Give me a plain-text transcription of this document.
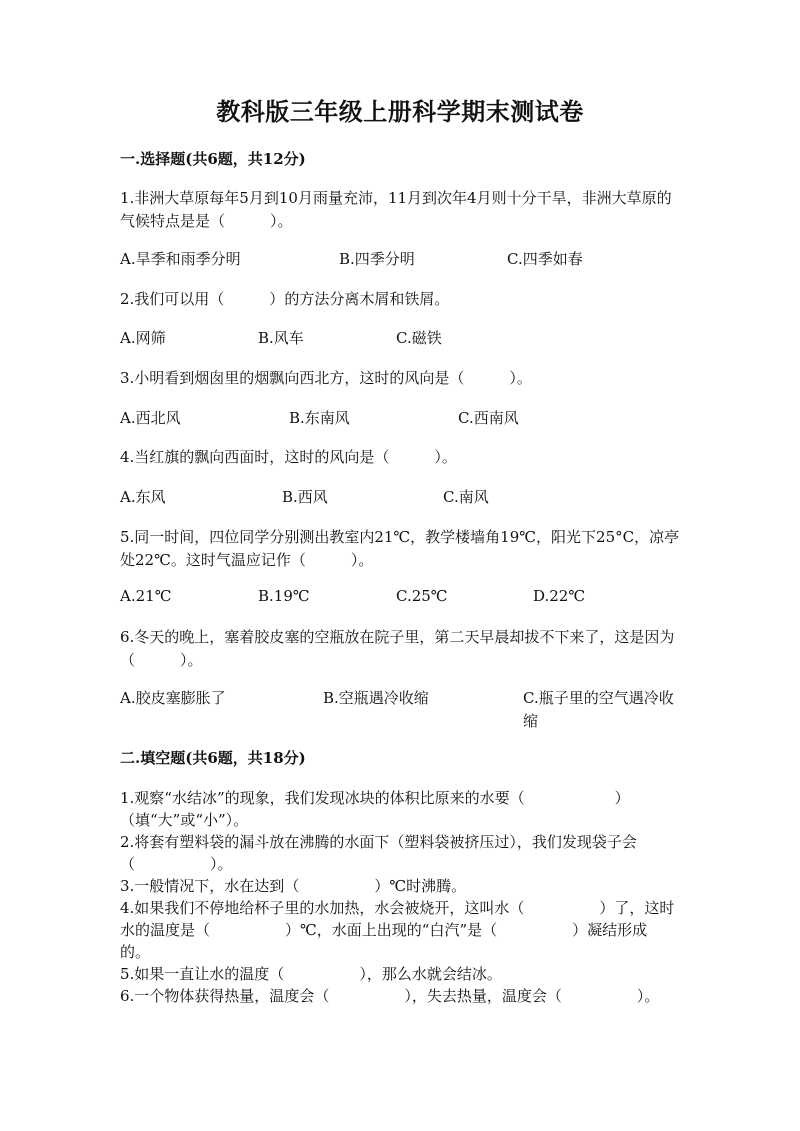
教科版三年级上册科学期末测试卷
一.选择题(共6题，共12分)
1.非洲大草原每年5月到10月雨量充沛，11月到次年4月则十分干旱，非洲大草原的气候特点是是（　　　）。
A.旱季和雨季分明	B.四季分明	C.四季如春
2.我们可以用（　　　）的方法分离木屑和铁屑。
A.网筛	B.风车	C.磁铁
3.小明看到烟囱里的烟飘向西北方，这时的风向是（　　　）。
A.西北风	B.东南风	C.西南风
4.当红旗的飘向西面时，这时的风向是（　　　）。
A.东风	B.西风	C.南风
5.同一时间，四位同学分别测出教室内21℃，教学楼墙角19℃，阳光下25°C，凉亭处22℃。这时气温应记作（　　　）。
A.21℃	B.19℃	C.25℃	D.22℃
6.冬天的晚上，塞着胶皮塞的空瓶放在院子里，第二天早晨却拔不下来了，这是因为（　　　）。
A.胶皮塞膨胀了	B.空瓶遇冷收缩	C.瓶子里的空气遇冷收缩
二.填空题(共6题，共18分)
1.观察“水结冰”的现象，我们发现冰块的体积比原来的水要（　　　　　　）（填“大”或“小”）。
2.将套有塑料袋的漏斗放在沸腾的水面下（塑料袋被挤压过），我们发现袋子会（　　　　　）。
3.一般情况下，水在达到（　　　　　）℃时沸腾。
4.如果我们不停地给杯子里的水加热，水会被烧开，这叫水（　　　　　）了，这时水的温度是（　　　　　）℃，水面上出现的“白汽”是（　　　　　）凝结形成的。
5.如果一直让水的温度（　　　　　），那么水就会结冰。
6.一个物体获得热量，温度会（　　　　　），失去热量，温度会（　　　　　）。
